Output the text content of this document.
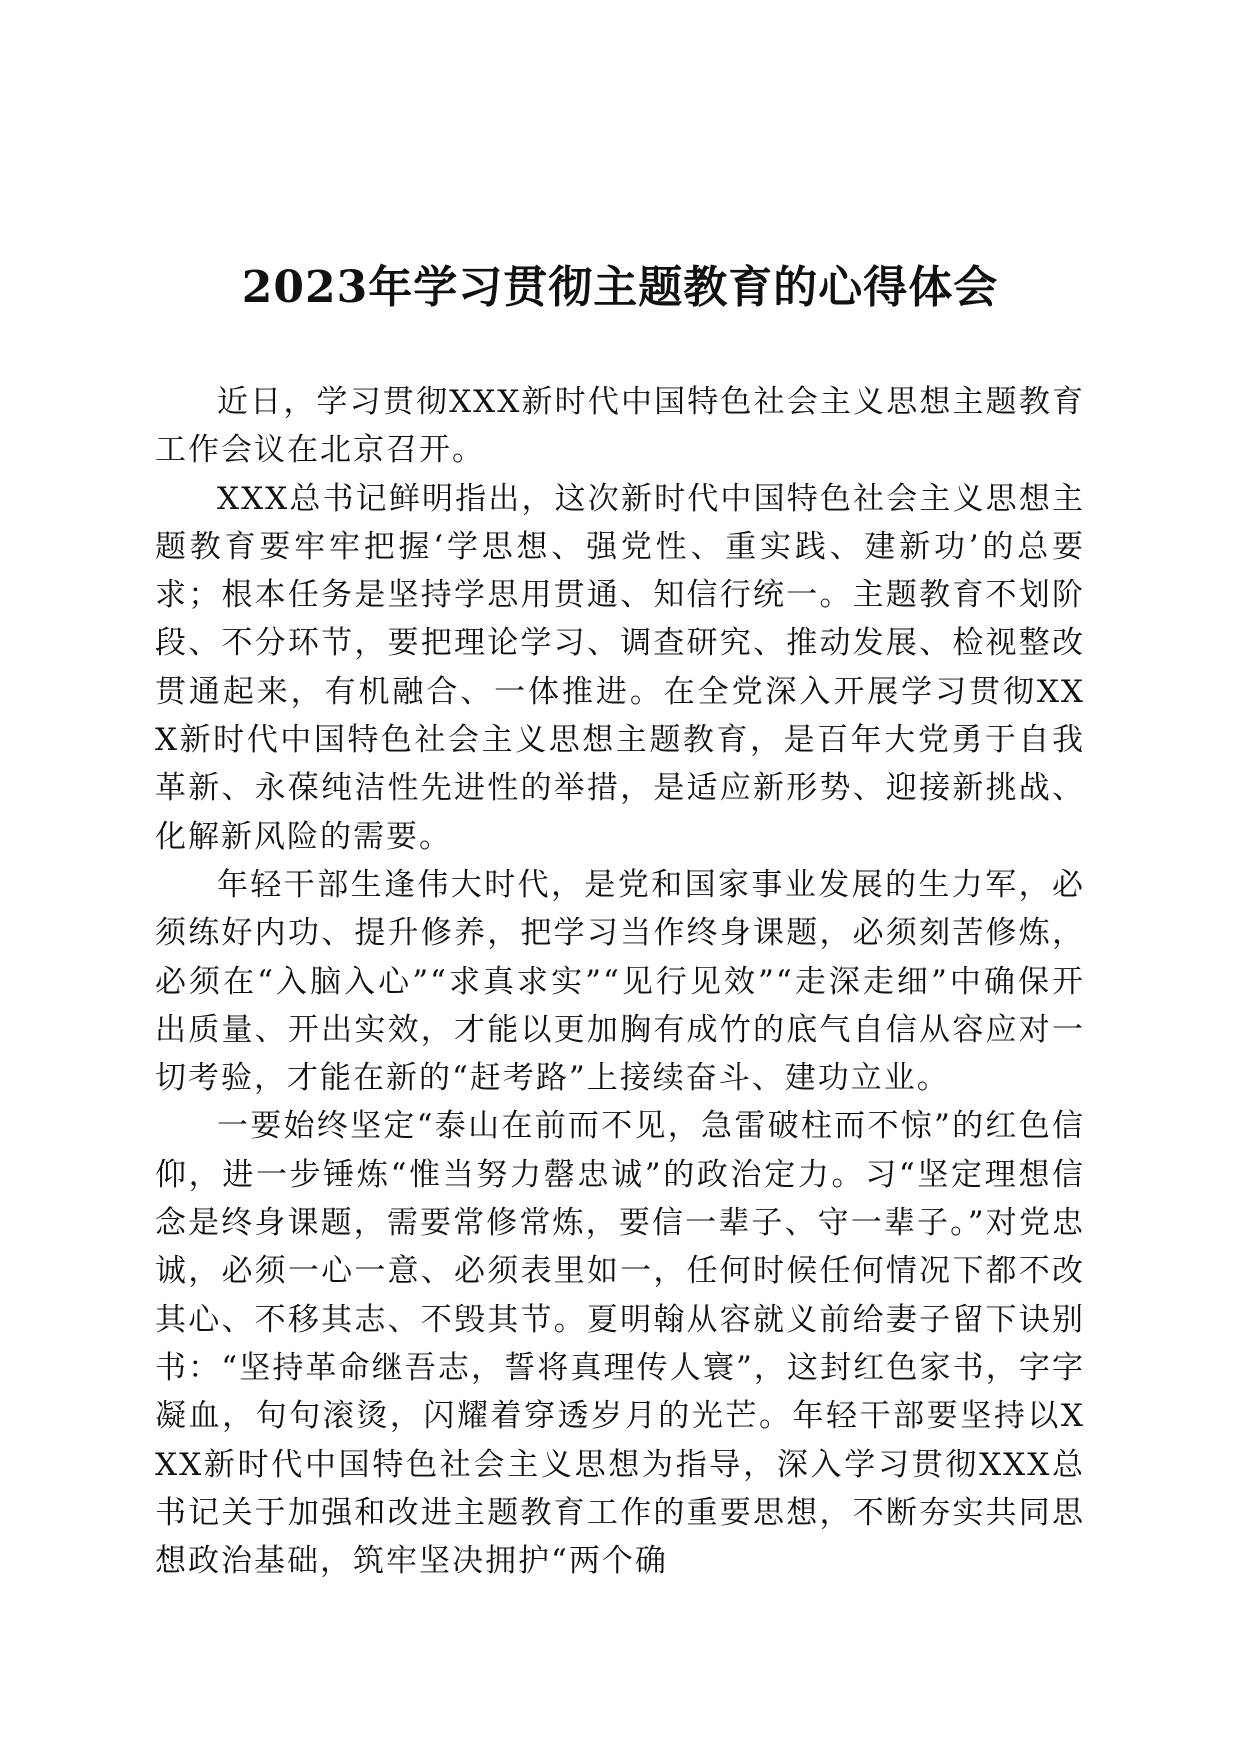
2023年学习贯彻主题教育的心得体会

近日，学习贯彻XXX新时代中国特色社会主义思想主题教育工作会议在北京召开。

XXX总书记鲜明指出，这次新时代中国特色社会主义思想主题教育要牢牢把握‘学思想、强党性、重实践、建新功’的总要求；根本任务是坚持学思用贯通、知信行统一。主题教育不划阶段、不分环节，要把理论学习、调查研究、推动发展、检视整改贯通起来，有机融合、一体推进。在全党深入开展学习贯彻XXX新时代中国特色社会主义思想主题教育，是百年大党勇于自我革新、永葆纯洁性先进性的举措，是适应新形势、迎接新挑战、化解新风险的需要。

年轻干部生逢伟大时代，是党和国家事业发展的生力军，必须练好内功、提升修养，把学习当作终身课题，必须刻苦修炼，必须在“入脑入心”“求真求实”“见行见效”“走深走细”中确保开出质量、开出实效，才能以更加胸有成竹的底气自信从容应对一切考验，才能在新的“赶考路”上接续奋斗、建功立业。

一要始终坚定“泰山在前而不见，急雷破柱而不惊”的红色信仰，进一步锤炼“惟当努力罄忠诚”的政治定力。习“坚定理想信念是终身课题，需要常修常炼，要信一辈子、守一辈子。”对党忠诚，必须一心一意、必须表里如一，任何时候任何情况下都不改其心、不移其志、不毁其节。夏明翰从容就义前给妻子留下诀别书：“坚持革命继吾志，誓将真理传人寰”，这封红色家书，字字凝血，句句滚烫，闪耀着穿透岁月的光芒。年轻干部要坚持以XXX新时代中国特色社会主义思想为指导，深入学习贯彻XXX总书记关于加强和改进主题教育工作的重要思想，不断夯实共同思想政治基础，筑牢坚决拥护“两个确
